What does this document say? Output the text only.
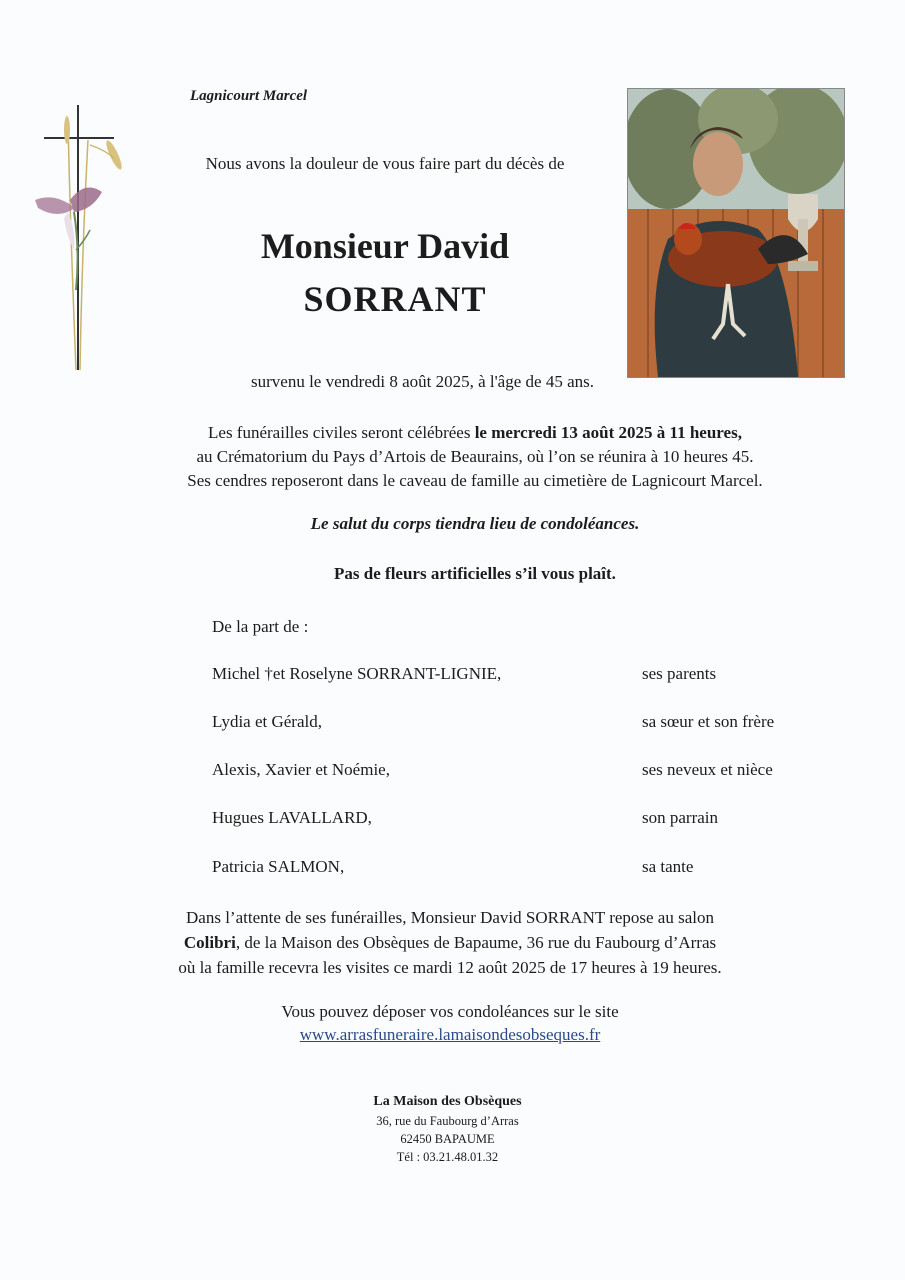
Lagnicourt Marcel
Nous avons la douleur de vous faire part du décès de
Monsieur David
SORRANT
survenu le vendredi 8 août 2025, à l'âge de 45 ans.
Les funérailles civiles seront célébrées le mercredi 13 août 2025 à 11 heures,
au Crématorium du Pays d’Artois de Beaurains, où l’on se réunira à 10 heures 45.
Ses cendres reposeront dans le caveau de famille au cimetière de Lagnicourt Marcel.
Le salut du corps tiendra lieu de condoléances.
Pas de fleurs artificielles s’il vous plaît.
De la part de :
Michel †et Roselyne SORRANT-LIGNIE,	ses parents
Lydia et Gérald,	sa sœur et son frère
Alexis, Xavier et Noémie,	ses neveux et nièce
Hugues LAVALLARD,	son parrain
Patricia SALMON,	sa tante
Dans l’attente de ses funérailles, Monsieur David SORRANT repose au salon
Colibri, de la Maison des Obsèques de Bapaume, 36 rue du Faubourg d’Arras
où la famille recevra les visites ce mardi 12 août 2025 de 17 heures à 19 heures.
Vous pouvez déposer vos condoléances sur le site
www.arrasfuneraire.lamaisondesobseques.fr
La Maison des Obsèques
36, rue du Faubourg d’Arras
62450 BAPAUME
Tél : 03.21.48.01.32
